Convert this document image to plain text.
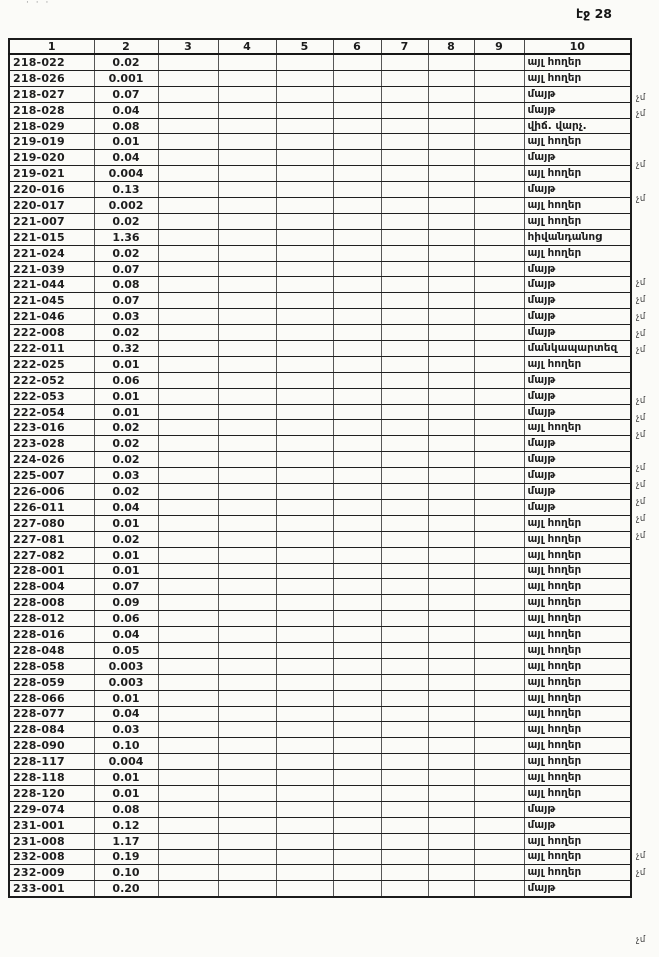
· · ·
էջ 28
1	2	3	4	5	6	7	8	9	10
218-022	0.02								այլ հողեր
218-026	0.001								այլ հողեր
218-027	0.07								մայթ
218-028	0.04								մայթ
218-029	0.08								վիճ. վարչ.
219-019	0.01								այլ հողեր
219-020	0.04								մայթ
219-021	0.004								այլ հողեր
220-016	0.13								մայթ
220-017	0.002								այլ հողեր
221-007	0.02								այլ հողեր
221-015	1.36								հիվանդանոց
221-024	0.02								այլ հողեր
221-039	0.07								մայթ
221-044	0.08								մայթ
221-045	0.07								մայթ
221-046	0.03								մայթ
222-008	0.02								մայթ
222-011	0.32								մանկապարտեզ
222-025	0.01								այլ հողեր
222-052	0.06								մայթ
222-053	0.01								մայթ
222-054	0.01								մայթ
223-016	0.02								այլ հողեր
223-028	0.02								մայթ
224-026	0.02								մայթ
225-007	0.03								մայթ
226-006	0.02								մայթ
226-011	0.04								մայթ
227-080	0.01								այլ հողեր
227-081	0.02								այլ հողեր
227-082	0.01								այլ հողեր
228-001	0.01								այլ հողեր
228-004	0.07								այլ հողեր
228-008	0.09								այլ հողեր
228-012	0.06								այլ հողեր
228-016	0.04								այլ հողեր
228-048	0.05								այլ հողեր
228-058	0.003								այլ հողեր
228-059	0.003								այլ հողեր
228-066	0.01								այլ հողեր
228-077	0.04								այլ հողեր
228-084	0.03								այլ հողեր
228-090	0.10								այլ հողեր
228-117	0.004								այլ հողեր
228-118	0.01								այլ հողեր
228-120	0.01								այլ հողեր
229-074	0.08								մայթ
231-001	0.12								մայթ
231-008	1.17								այլ հողեր
232-008	0.19								այլ հողեր
232-009	0.10								այլ հողեր
233-001	0.20								մայթ
չմ
չմ
չմ
չմ
չմ
չմ
չմ
չմ
չմ
չմ
չմ
չմ
չմ
չմ
չմ
չմ
չմ
չմ
չմ
չմ
